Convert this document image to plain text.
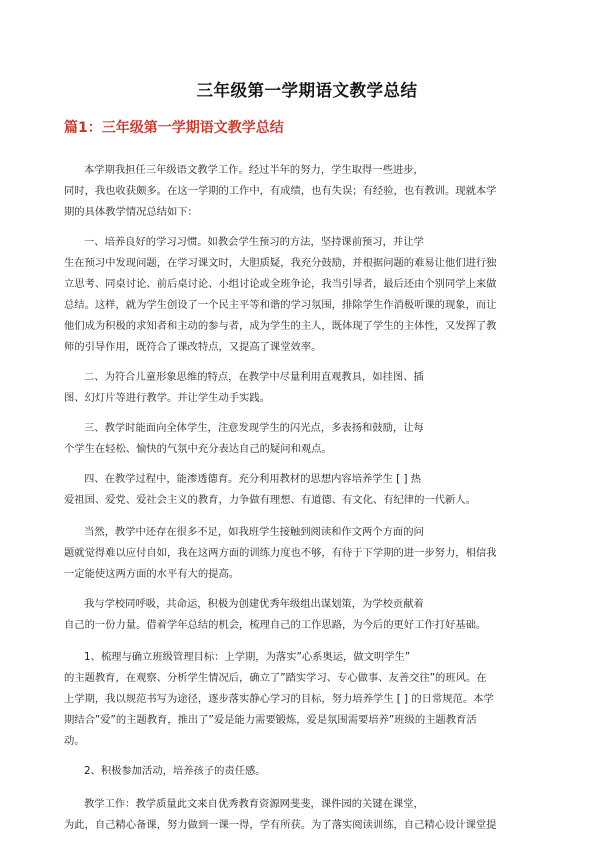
三年级第一学期语文教学总结
篇1：三年级第一学期语文教学总结

本学期我担任三年级语文教学工作。经过半年的努力，学生取得一些进步，
同时，我也收获颇多。在这一学期的工作中，有成绩，也有失误；有经验，也有教训。现就本学
期的具体教学情况总结如下：

一、培养良好的学习习惯。如教会学生预习的方法，坚持课前预习，并让学
生在预习中发现问题，在学习课文时，大胆质疑，我充分鼓励，并根据问题的难易让他们进行独
立思考、同桌讨论、前后桌讨论、小组讨论或全班争论，我当引导者，最后还由个别同学上来做
总结。这样，就为学生创设了一个民主平等和谐的学习氛围，排除学生作消极听课的现象，而让
他们成为积极的求知者和主动的参与者，成为学生的主人，既体现了学生的主体性，又发挥了教
师的引导作用，既符合了课改特点，又提高了课堂效率。

二、为符合儿童形象思维的特点，在教学中尽量利用直观教具，如挂图、插
图、幻灯片等进行教学。并让学生动手实践。

三、教学时能面向全体学生，注意发现学生的闪光点，多表扬和鼓励，让每
个学生在轻松、愉快的气氛中充分表达自己的疑问和观点。

四、在教学过程中，能渗透德育。充分利用教材的思想内容培养学生 [ ] 热
爱祖国、爱党、爱社会主义的教育，力争做有理想、有道德、有文化、有纪律的一代新人。

当然，教学中还存在很多不足，如我班学生接触到阅读和作文两个方面的问
题就觉得难以应付自如，我在这两方面的训练力度也不够，有待于下学期的进一步努力，相信我
一定能使这两方面的水平有大的提高。

我与学校同呼吸，共命运，积极为创建优秀年级组出谋划策，为学校贡献着
自己的一份力量。借着学年总结的机会，梳理自己的工作思路，为今后的更好工作打好基础。

1、梳理与确立班级管理目标：上学期，为落实”心系奥运，做文明学生”
的主题教育，在观察、分析学生情况后，确立了”踏实学习、专心做事、友善交往”的班风。在
上学期，我以规范书写为途径，逐步落实静心学习的目标，努力培养学生 [ ] 的日常规范。本学
期结合”爱”的主题教育，推出了”爱是能力需要锻炼，爱是氛围需要培养”班级的主题教育活
动。

2、积极参加活动，培养孩子的责任感。

教学工作：教学质量此文来自优秀教育资源网斐斐，课件园的关键在课堂，
为此，自己精心备课，努力做到一课一得，学有所获。为了落实阅读训练，自己精心设计课堂提
